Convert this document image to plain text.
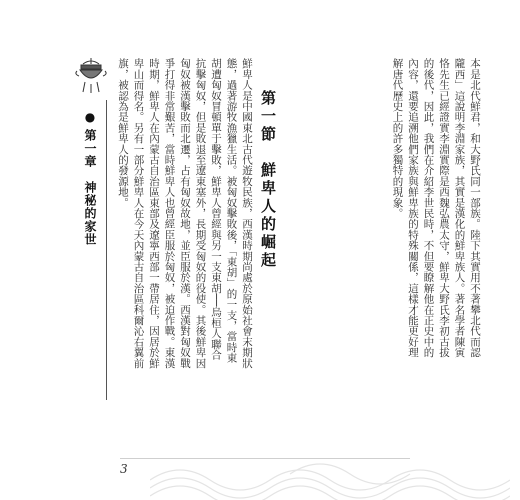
●第一章　神秘的家世	本是北代鮮君，和大野氏同一部族。陸下其實用不著攀北代而認隴西」這說明李淵家族，其實是漢化的鮮卑族人。著名學者陳寅恪先生已經證實李淵實際是西魏弘農太守，鮮卑大野氏李初古拔的後代，因此，我們在介紹李世民時，不但要瞭解他在正史中的內容，還要追溯他們家族與鮮卑族的特殊關係，這樣才能更好理解唐代歷史上的許多獨特的現象。
第一節　鮮卑人的崛起
鮮卑人是中國東北古代遊牧民族，西漢時期尚處於原始社會末期狀態，過著游牧漁獵生活。被匈奴擊敗後，「東胡」的一支，當時東胡遭匈奴冒頓單于擊敗，鮮卑人曾經與另一支東胡──烏桓人聯合抗擊匈奴，但是敗退至遼東塞外，長期受匈奴的役使。其後鮮卑因匈奴被漢擊敗而北遷，占有匈奴故地，並臣服於漢。西漢對匈奴戰爭打得非常艱苦，當時鮮卑人也曾經臣服於匈奴，被迫作戰。東漢時期，鮮卑人在內蒙古自治區東部及遼寧西部一帶居住，因居於鮮卑山而得名。另有一部分鮮卑人在今天內蒙古自治區科爾沁右翼前旗，被認為是鮮卑人的發源地。
3
